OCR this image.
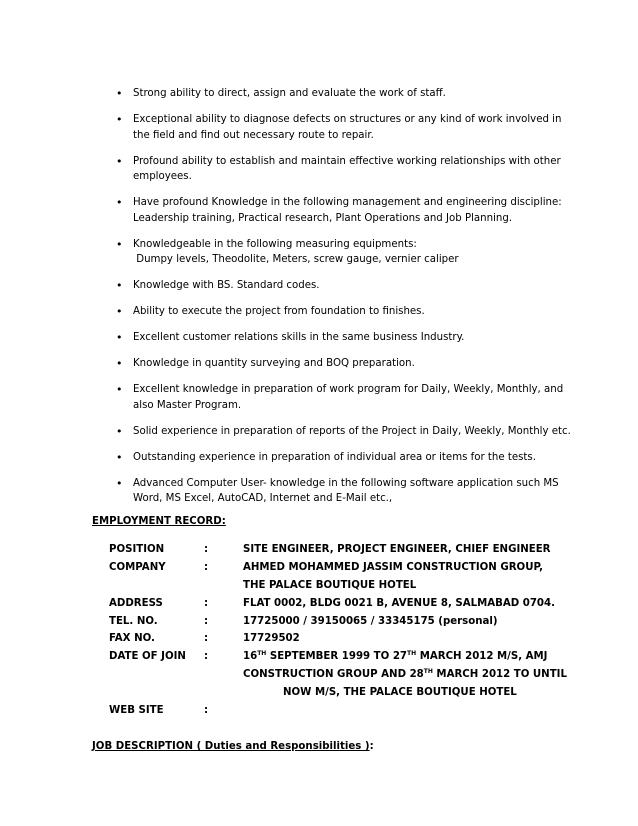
• Strong ability to direct, assign and evaluate the work of staff.
• Exceptional ability to diagnose defects on structures or any kind of work involved in
the field and find out necessary route to repair.
• Profound ability to establish and maintain effective working relationships with other
employees.
• Have profound Knowledge in the following management and engineering discipline:
Leadership training, Practical research, Plant Operations and Job Planning.
• Knowledgeable in the following measuring equipments:
Dumpy levels, Theodolite, Meters, screw gauge, vernier caliper
• Knowledge with BS. Standard codes.
• Ability to execute the project from foundation to finishes.
• Excellent customer relations skills in the same business Industry.
• Knowledge in quantity surveying and BOQ preparation.
• Excellent knowledge in preparation of work program for Daily, Weekly, Monthly, and
also Master Program.
• Solid experience in preparation of reports of the Project in Daily, Weekly, Monthly etc.
• Outstanding experience in preparation of individual area or items for the tests.
• Advanced Computer User- knowledge in the following software application such MS
Word, MS Excel, AutoCAD, Internet and E-Mail etc.,
EMPLOYMENT RECORD:
POSITION	:	SITE ENGINEER, PROJECT ENGINEER, CHIEF ENGINEER
COMPANY	:	AHMED MOHAMMED JASSIM CONSTRUCTION GROUP,
THE PALACE BOUTIQUE HOTEL
ADDRESS	:	FLAT 0002, BLDG 0021 B, AVENUE 8, SALMABAD 0704.
TEL. NO.	:	17725000 / 39150065 / 33345175 (personal)
FAX NO.	:	17729502
DATE OF JOIN :	16TH SEPTEMBER 1999 TO 27TH MARCH 2012 M/S, AMJ
CONSTRUCTION GROUP AND 28TH MARCH 2012 TO UNTIL
NOW M/S, THE PALACE BOUTIQUE HOTEL
WEB SITE	:
JOB DESCRIPTION ( Duties and Responsibilities ):
